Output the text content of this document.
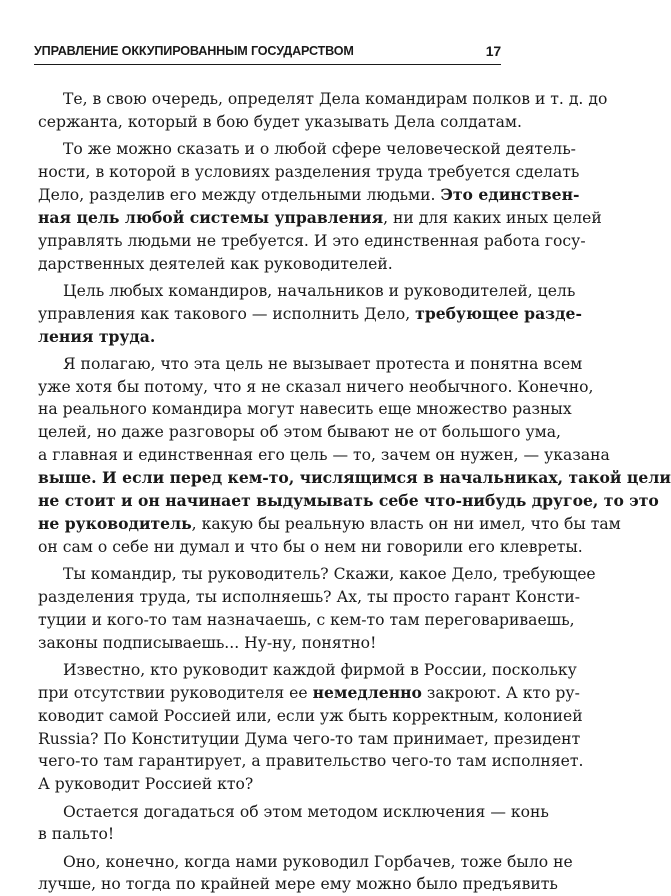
УПРАВЛЕНИЕ ОККУПИРОВАННЫМ ГОСУДАРСТВОМ	17
Те, в свою очередь, определят Дела командирам полков и т. д. до
сержанта, который в бою будет указывать Дела солдатам.
То же можно сказать и о любой сфере человеческой деятель-
ности, в которой в условиях разделения труда требуется сделать
Дело, разделив его между отдельными людьми. Это единствен-
ная цель любой системы управления, ни для каких иных целей
управлять людьми не требуется. И это единственная работа госу-
дарственных деятелей как руководителей.
Цель любых командиров, начальников и руководителей, цель
управления как такового — исполнить Дело, требующее разде-
ления труда.
Я полагаю, что эта цель не вызывает протеста и понятна всем
уже хотя бы потому, что я не сказал ничего необычного. Конечно,
на реального командира могут навесить еще множество разных
целей, но даже разговоры об этом бывают не от большого ума,
а главная и единственная его цель — то, зачем он нужен, — указана
выше. И если перед кем-то, числящимся в начальниках, такой цели
не стоит и он начинает выдумывать себе что-нибудь другое, то это
не руководитель, какую бы реальную власть он ни имел, что бы там
он сам о себе ни думал и что бы о нем ни говорили его клевреты.
Ты командир, ты руководитель? Скажи, какое Дело, требующее
разделения труда, ты исполняешь? Ах, ты просто гарант Консти-
туции и кого-то там назначаешь, с кем-то там переговариваешь,
законы подписываешь... Ну-ну, понятно!
Известно, кто руководит каждой фирмой в России, поскольку
при отсутствии руководителя ее немедленно закроют. А кто ру-
ководит самой Россией или, если уж быть корректным, колонией
Russia? По Конституции Дума чего-то там принимает, президент
чего-то там гарантирует, а правительство чего-то там исполняет.
А руководит Россией кто?
Остается догадаться об этом методом исключения — конь
в пальто!
Оно, конечно, когда нами руководил Горбачев, тоже было не
лучше, но тогда по крайней мере ему можно было предъявить
